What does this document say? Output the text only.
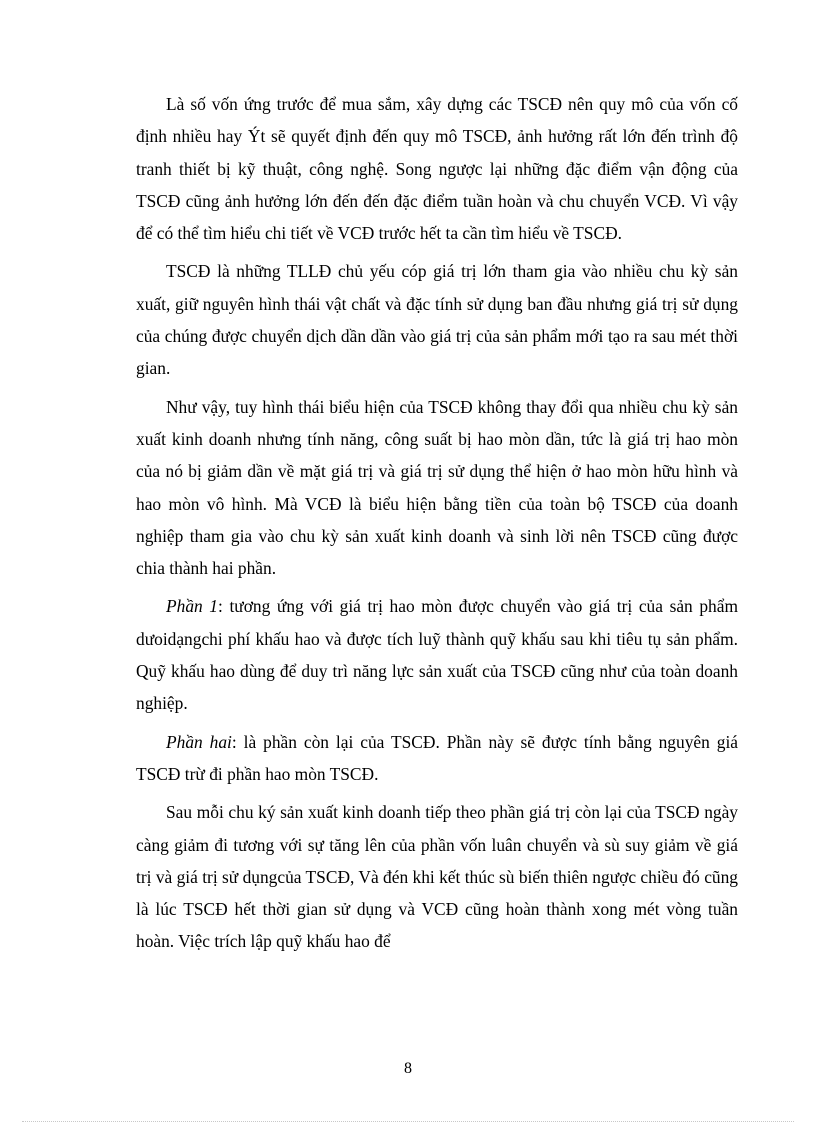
Là số vốn ứng trước để mua sắm, xây dựng các TSCĐ nên quy mô của vốn cố định nhiều hay Ýt sẽ quyết định đến quy mô TSCĐ, ảnh hưởng rất lớn đến trình độ tranh thiết bị kỹ thuật, công nghệ. Song ngược lại những đặc điểm vận động của TSCĐ cũng ảnh hưởng lớn đến đến đặc điểm tuần hoàn và chu chuyển VCĐ. Vì vậy để có thể tìm hiểu chi tiết về VCĐ trước hết ta cần tìm hiểu về TSCĐ.

TSCĐ là những TLLĐ chủ yếu cóp giá trị lớn tham gia vào nhiều chu kỳ sản xuất, giữ nguyên hình thái vật chất và đặc tính sử dụng ban đầu nhưng giá trị sử dụng của chúng được chuyển dịch dần dần vào giá trị của sản phẩm mới tạo ra sau mét thời gian.

Như vậy, tuy hình thái biểu hiện của TSCĐ không thay đổi qua nhiều chu kỳ sản xuất kinh doanh nhưng tính năng, công suất bị hao mòn dần, tức là giá trị hao mòn của nó bị giảm dần về mặt giá trị và giá trị sử dụng thể hiện ở hao mòn hữu hình và hao mòn vô hình. Mà VCĐ là biểu hiện bằng tiền của toàn bộ TSCĐ của doanh nghiệp tham gia vào chu kỳ sản xuất kinh doanh và sinh lời nên TSCĐ cũng được chia thành hai phần.

Phần 1: tương ứng với giá trị hao mòn được chuyển vào giá trị của sản phẩm dưoidạngchi phí khấu hao và được tích luỹ thành quỹ khấu sau khi tiêu tụ sản phẩm. Quỹ khấu hao dùng để duy trì năng lực sản xuất của TSCĐ cũng như của toàn doanh nghiệp.

Phần hai: là phần còn lại của TSCĐ. Phần này sẽ được tính bằng nguyên giá TSCĐ trừ đi phần hao mòn TSCĐ.

Sau mỗi chu ký sản xuất kinh doanh tiếp theo phần giá trị còn lại của TSCĐ ngày càng giảm đi tương với sự tăng lên của phần vốn luân chuyển và sù suy giảm về giá trị và giá trị sử dụngcủa TSCĐ, Và đén khi kết thúc sù biến thiên ngược chiều đó cũng là lúc TSCĐ hết thời gian sử dụng và VCĐ cũng hoàn thành xong mét vòng tuần hoàn. Việc trích lập quỹ khấu hao để

8
